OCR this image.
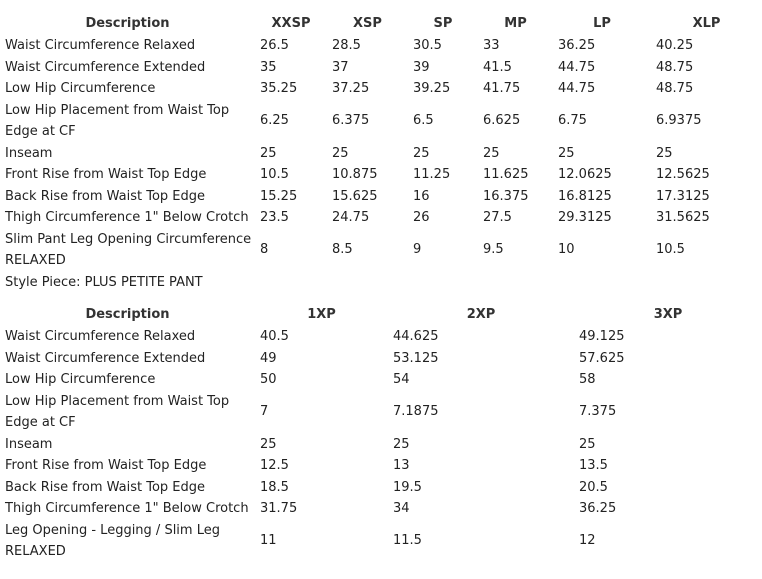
Description	XXSP	XSP	SP	MP	LP	XLP
Waist Circumference Relaxed	26.5	28.5	30.5	33	36.25	40.25
Waist Circumference Extended	35	37	39	41.5	44.75	48.75
Low Hip Circumference	35.25	37.25	39.25	41.75	44.75	48.75
Low Hip Placement from Waist Top Edge at CF	6.25	6.375	6.5	6.625	6.75	6.9375
Inseam	25	25	25	25	25	25
Front Rise from Waist Top Edge	10.5	10.875	11.25	11.625	12.0625	12.5625
Back Rise from Waist Top Edge	15.25	15.625	16	16.375	16.8125	17.3125
Thigh Circumference 1" Below Crotch	23.5	24.75	26	27.5	29.3125	31.5625
Slim Pant Leg Opening Circumference RELAXED	8	8.5	9	9.5	10	10.5
Style Piece: PLUS PETITE PANT
Description	1XP	2XP	3XP
Waist Circumference Relaxed	40.5	44.625	49.125
Waist Circumference Extended	49	53.125	57.625
Low Hip Circumference	50	54	58
Low Hip Placement from Waist Top Edge at CF	7	7.1875	7.375
Inseam	25	25	25
Front Rise from Waist Top Edge	12.5	13	13.5
Back Rise from Waist Top Edge	18.5	19.5	20.5
Thigh Circumference 1" Below Crotch	31.75	34	36.25
Leg Opening - Legging / Slim Leg RELAXED	11	11.5	12
